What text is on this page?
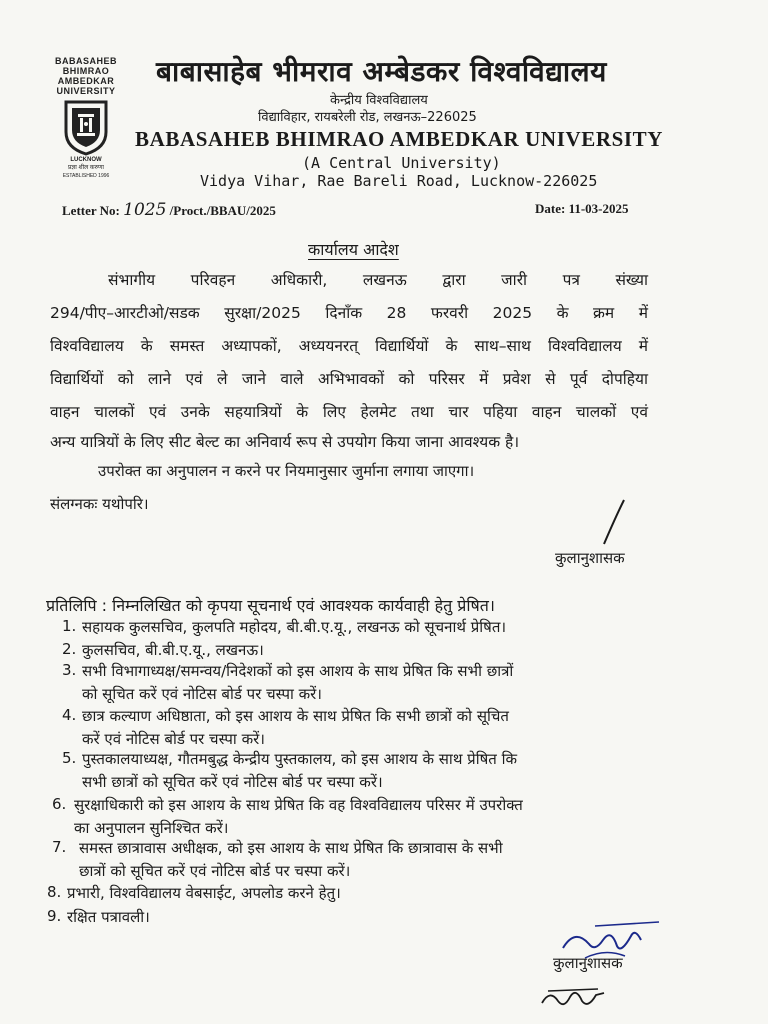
BABASAHEB
BHIMRAO
AMBEDKAR
UNIVERSITY
LUCKNOW
प्रज्ञा शील करुणा
ESTABLISHED 1996
बाबासाहेब भीमराव अम्बेडकर विश्वविद्यालय
केन्द्रीय विश्वविद्यालय
विद्याविहार, रायबरेली रोड, लखनऊ–226025
BABASAHEB BHIMRAO AMBEDKAR UNIVERSITY
(A Central University)
Vidya Vihar, Rae Bareli Road, Lucknow-226025
Letter No: 1025 /Proct./BBAU/2025	Date: 11-03-2025
कार्यालय आदेश
संभागीय परिवहन अधिकारी, लखनऊ द्वारा जारी पत्र संख्या
294/पीए–आरटीओ/सडक सुरक्षा/2025 दिनाँक 28 फरवरी 2025 के क्रम में
विश्वविद्यालय के समस्त अध्यापकों, अध्ययनरत् विद्यार्थियों के साथ–साथ विश्वविद्यालय में
विद्यार्थियों को लाने एवं ले जाने वाले अभिभावकों को परिसर में प्रवेश से पूर्व दोपहिया
वाहन चालकों एवं उनके सहयात्रियों के लिए हेलमेट तथा चार पहिया वाहन चालकों एवं
अन्य यात्रियों के लिए सीट बेल्ट का अनिवार्य रूप से उपयोग किया जाना आवश्यक है।
उपरोक्त का अनुपालन न करने पर नियमानुसार जुर्माना लगाया जाएगा।
संलग्नकः यथोपरि।
कुलानुशासक
प्रतिलिपि : निम्नलिखित को कृपया सूचनार्थ एवं आवश्यक कार्यवाही हेतु प्रेषित।
1. सहायक कुलसचिव, कुलपति महोदय, बी.बी.ए.यू., लखनऊ को सूचनार्थ प्रेषित।
2. कुलसचिव, बी.बी.ए.यू., लखनऊ।
3. सभी विभागाध्यक्ष/समन्वय/निदेशकों को इस आशय के साथ प्रेषित कि सभी छात्रों
को सूचित करें एवं नोटिस बोर्ड पर चस्पा करें।
4. छात्र कल्याण अधिष्ठाता, को इस आशय के साथ प्रेषित कि सभी छात्रों को सूचित
करें एवं नोटिस बोर्ड पर चस्पा करें।
5. पुस्तकालयाध्यक्ष, गौतमबुद्ध केन्द्रीय पुस्तकालय, को इस आशय के साथ प्रेषित कि
सभी छात्रों को सूचित करें एवं नोटिस बोर्ड पर चस्पा करें।
6. सुरक्षाधिकारी को इस आशय के साथ प्रेषित कि वह विश्वविद्यालय परिसर में उपरोक्त
का अनुपालन सुनिश्चित करें।
7. समस्त छात्रावास अधीक्षक, को इस आशय के साथ प्रेषित कि छात्रावास के सभी
छात्रों को सूचित करें एवं नोटिस बोर्ड पर चस्पा करें।
8. प्रभारी, विश्वविद्यालय वेबसाईट, अपलोड करने हेतु।
9. रक्षित पत्रावली।
कुलानुशासक
